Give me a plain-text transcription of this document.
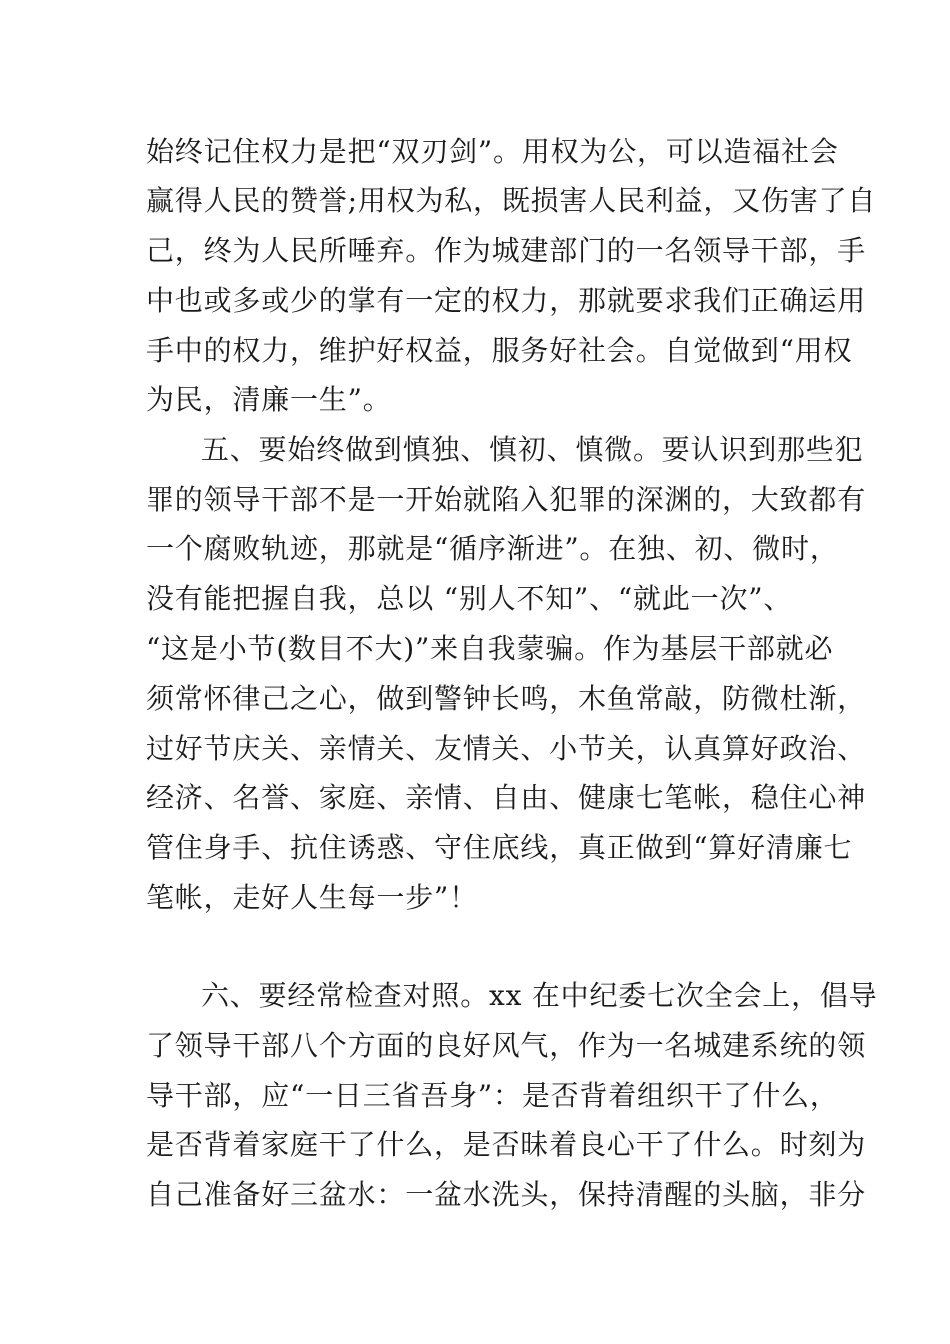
始终记住权力是把“双刃剑”。用权为公，可以造福社会
赢得人民的赞誉;用权为私，既损害人民利益，又伤害了自
己，终为人民所唾弃。作为城建部门的一名领导干部，手
中也或多或少的掌有一定的权力，那就要求我们正确运用
手中的权力，维护好权益，服务好社会。自觉做到“用权
为民，清廉一生”。
五、要始终做到慎独、慎初、慎微。要认识到那些犯
罪的领导干部不是一开始就陷入犯罪的深渊的，大致都有
一个腐败轨迹，那就是“循序渐进”。在独、初、微时，
没有能把握自我，总以 “别人不知”、“就此一次”、
“这是小节(数目不大)”来自我蒙骗。作为基层干部就必
须常怀律己之心，做到警钟长鸣，木鱼常敲，防微杜渐，
过好节庆关、亲情关、友情关、小节关，认真算好政治、
经济、名誉、家庭、亲情、自由、健康七笔帐，稳住心神
管住身手、抗住诱惑、守住底线，真正做到“算好清廉七
笔帐，走好人生每一步”！
六、要经常检查对照。xx 在中纪委七次全会上，倡导
了领导干部八个方面的良好风气，作为一名城建系统的领
导干部，应“一日三省吾身”：是否背着组织干了什么，
是否背着家庭干了什么，是否昧着良心干了什么。时刻为
自己准备好三盆水：一盆水洗头，保持清醒的头脑，非分
